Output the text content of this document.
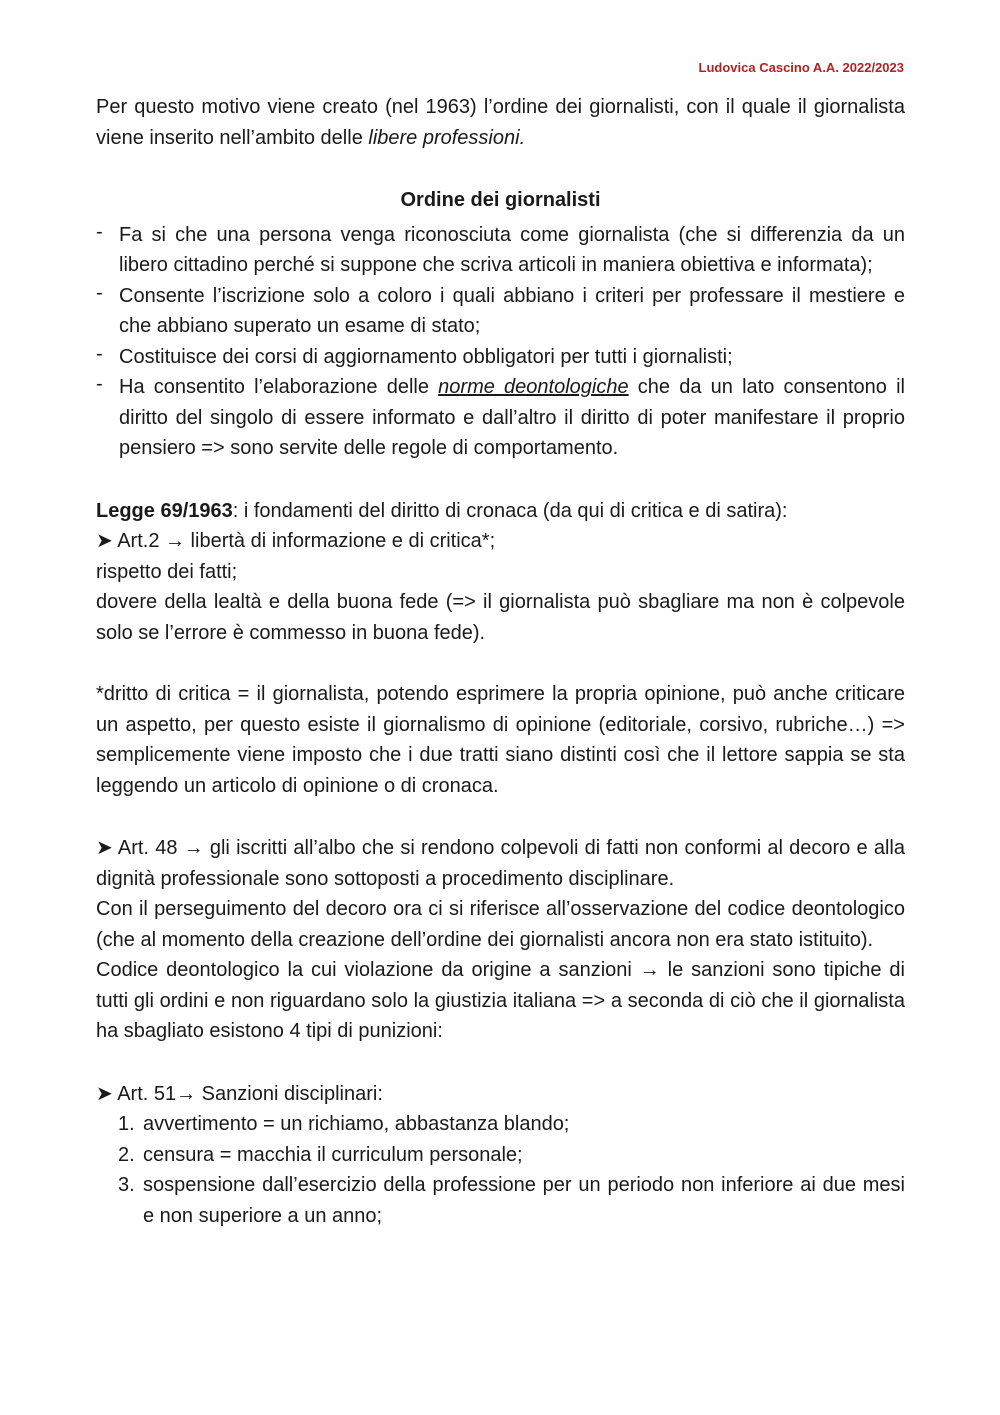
Ludovica Cascino A.A. 2022/2023

Per questo motivo viene creato (nel 1963) l’ordine dei giornalisti, con il quale il giornalista viene inserito nell’ambito delle libere professioni.

Ordine dei giornalisti

- Fa si che una persona venga riconosciuta come giornalista (che si differenzia da un libero cittadino perché si suppone che scriva articoli in maniera obiettiva e informata);
- Consente l’iscrizione solo a coloro i quali abbiano i criteri per professare il mestiere e che abbiano superato un esame di stato;
- Costituisce dei corsi di aggiornamento obbligatori per tutti i giornalisti;
- Ha consentito l’elaborazione delle norme deontologiche che da un lato consentono il diritto del singolo di essere informato e dall’altro il diritto di poter manifestare il proprio pensiero => sono servite delle regole di comportamento.

Legge 69/1963: i fondamenti del diritto di cronaca (da qui di critica e di satira):

➤ Art.2 → libertà di informazione e di critica*;

rispetto dei fatti;

dovere della lealtà e della buona fede (=> il giornalista può sbagliare ma non è colpevole solo se l’errore è commesso in buona fede).

*dritto di critica = il giornalista, potendo esprimere la propria opinione, può anche criticare un aspetto, per questo esiste il giornalismo di opinione (editoriale, corsivo, rubriche…) => semplicemente viene imposto che i due tratti siano distinti così che il lettore sappia se sta leggendo un articolo di opinione o di cronaca.

➤ Art. 48 → gli iscritti all’albo che si rendono colpevoli di fatti non conformi al decoro e alla dignità professionale sono sottoposti a procedimento disciplinare.

Con il perseguimento del decoro ora ci si riferisce all’osservazione del codice deontologico (che al momento della creazione dell’ordine dei giornalisti ancora non era stato istituito).

Codice deontologico la cui violazione da origine a sanzioni → le sanzioni sono tipiche di tutti gli ordini e non riguardano solo la giustizia italiana => a seconda di ciò che il giornalista ha sbagliato esistono 4 tipi di punizioni:

➤ Art. 51→ Sanzioni disciplinari:

1. avvertimento = un richiamo, abbastanza blando;
2. censura = macchia il curriculum personale;
3. sospensione dall’esercizio della professione per un periodo non inferiore ai due mesi e non superiore a un anno;
